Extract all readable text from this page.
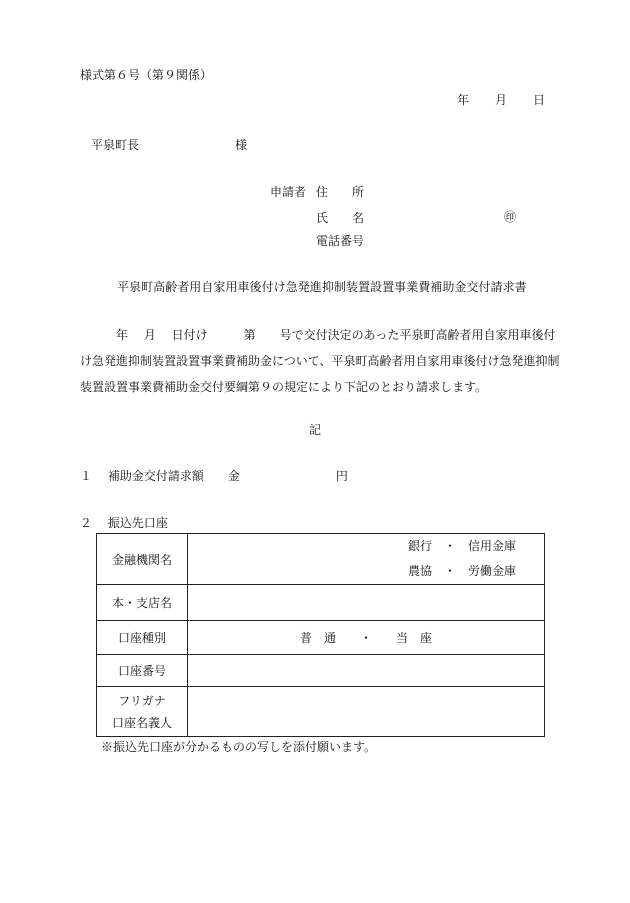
様式第６号（第９関係）
年 月 日
平泉町長	様
申請者 住　　所
氏　　名	㊞
電話番号
平泉町高齢者用自家用車後付け急発進抑制装置設置事業費補助金交付請求書
　　　年　 月　 日付け　　　第　　号で交付決定のあった平泉町高齢者用自家用車後付け急発進抑制装置設置事業費補助金について、平泉町高齢者用自家用車後付け急発進抑制装置設置事業費補助金交付要綱第９の規定により下記のとおり請求します。
記
１　 補助金交付請求額　　金　　　　　　　　円
２　 振込先口座
金融機関名	銀行　・　信用金庫
農協　・　労働金庫

本・支店名	
口座種別	普　通　　・　　当　座
口座番号	

フリガナ
口座名義人	

※振込先口座が分かるものの写しを添付願います。
